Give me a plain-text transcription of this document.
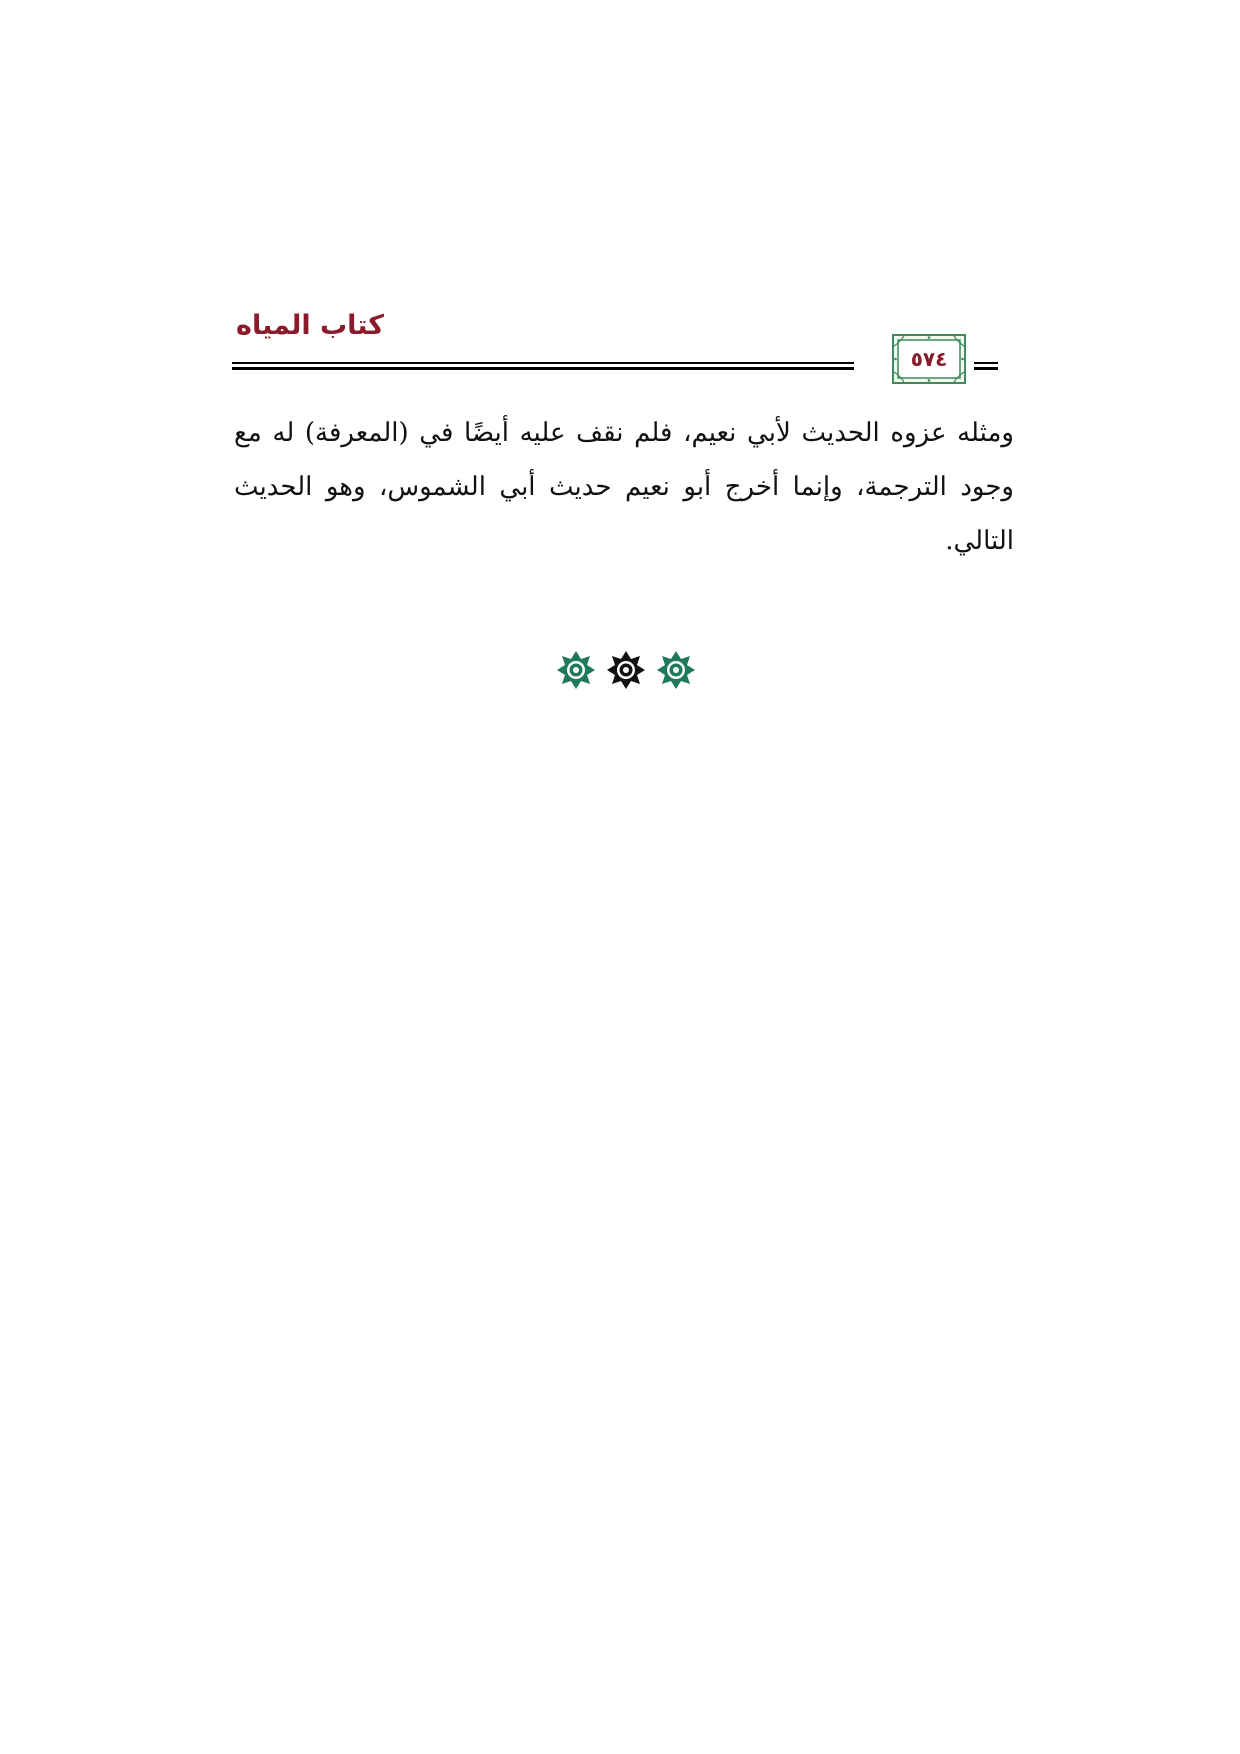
كتاب المياه
٥٧٤

ومثله عزوه الحديث لأبي نعيم، فلم نقف عليه أيضًا في (المعرفة) له مع وجود الترجمة، وإنما أخرج أبو نعيم حديث أبي الشموس، وهو الحديث التالي.
